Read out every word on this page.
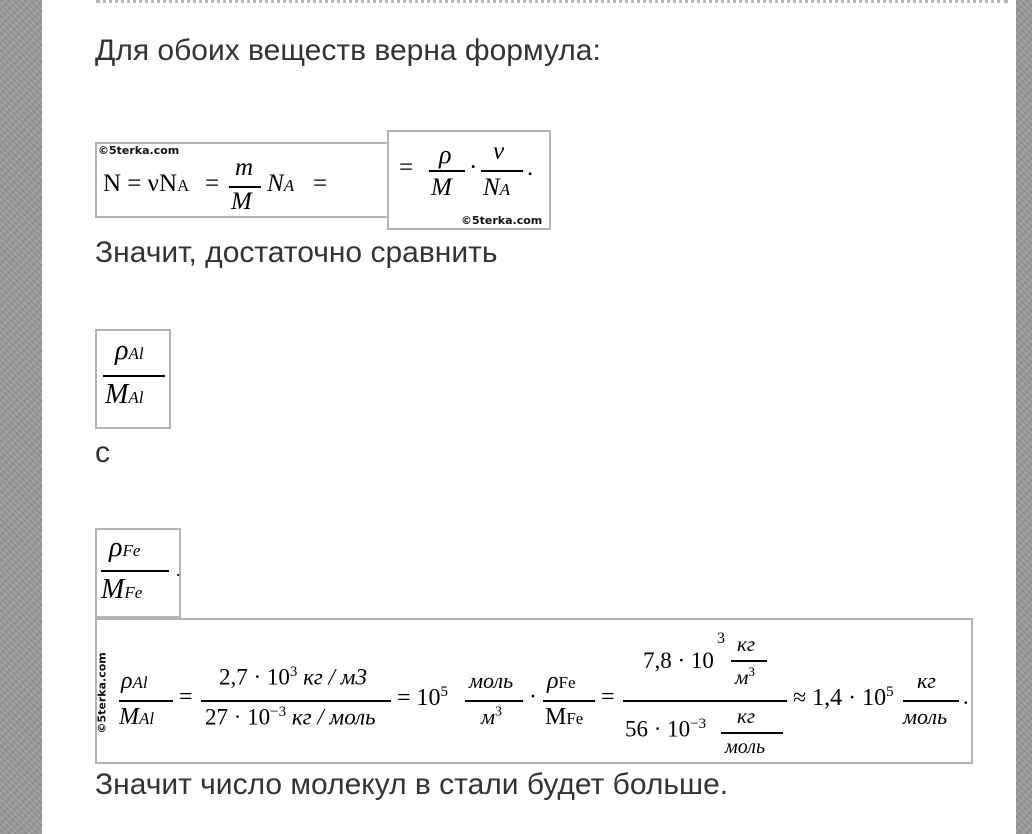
Для обоих веществ верна формула:
©5terka.com
N = νNA =
m
M
NA =
= ρ
M
·
ν
NA
.
©5terka.com
Значит, достаточно сравнить
ρAl
MAl
с
ρFe
MFe
.
©5terka.com ρAl
MAl
=
$2,7 \cdot 10^3$ кг / м3
$27 \cdot 10^{-3}$ кг / моль
= $10^5$ моль
$м^3$
·
ρFe
MFe
=
7,8 · 10
3 кг
$м^3$
$56 \cdot 10^{-3}$ кг
моль
≈ $1,4 \cdot 10^5$ кг
моль
.
Значит число молекул в стали будет больше.
